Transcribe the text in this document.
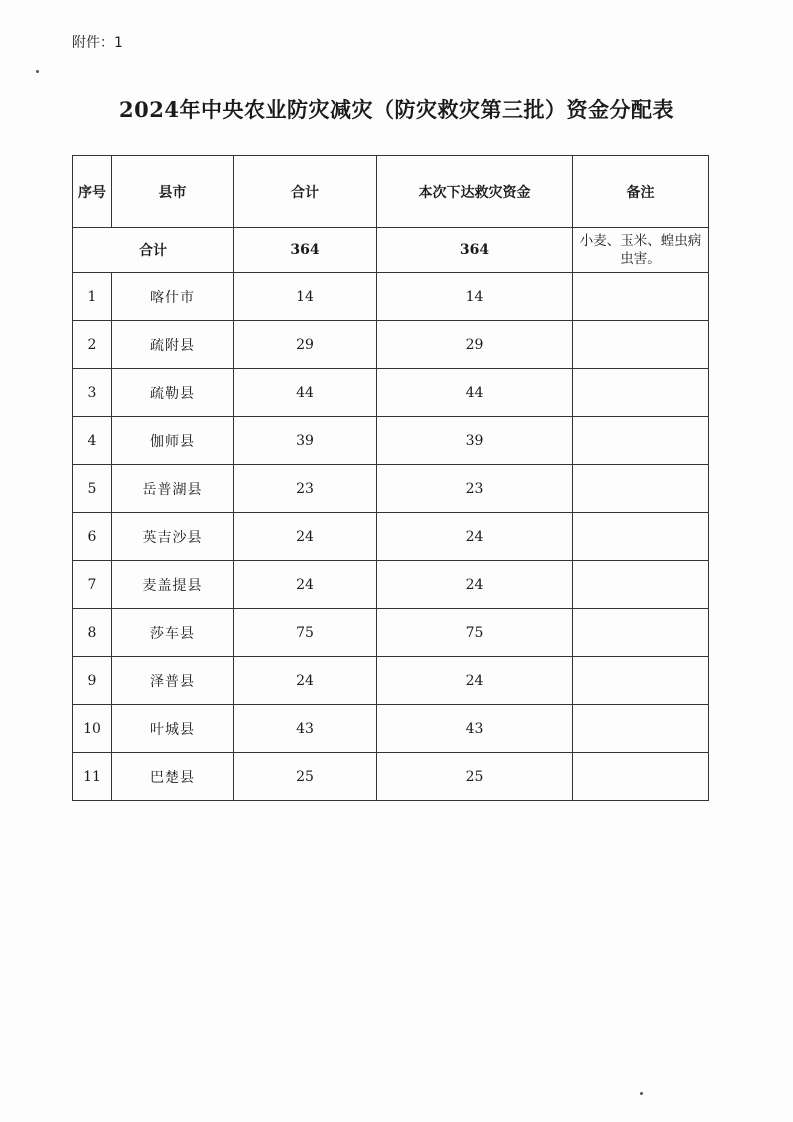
附件：1
2024年中央农业防灾减灾（防灾救灾第三批）资金分配表
序号	县市	合计	本次下达救灾资金	备注
合计		364	364	小麦、玉米、蝗虫病虫害。
1	喀什市	14	14	
2	疏附县	29	29	
3	疏勒县	44	44	
4	伽师县	39	39	
5	岳普湖县	23	23	
6	英吉沙县	24	24	
7	麦盖提县	24	24	
8	莎车县	75	75	
9	泽普县	24	24	
10	叶城县	43	43	
11	巴楚县	25	25	
